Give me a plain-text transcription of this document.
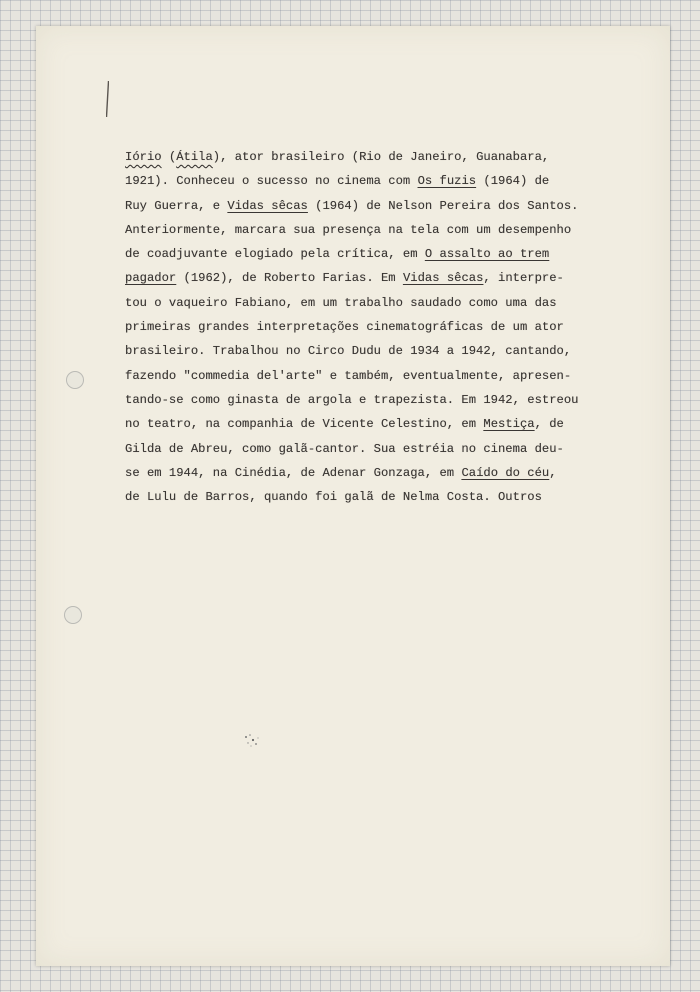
Iório (Átila), ator brasileiro (Rio de Janeiro, Guanabara,
1921). Conheceu o sucesso no cinema com Os fuzis (1964) de
Ruy Guerra, e Vidas sêcas (1964) de Nelson Pereira dos Santos.
Anteriormente, marcara sua presença na tela com um desempenho
de coadjuvante elogiado pela crítica, em O assalto ao trem
pagador (1962), de Roberto Farias. Em Vidas sêcas, interpre-
tou o vaqueiro Fabiano, em um trabalho saudado como uma das
primeiras grandes interpretações cinematográficas de um ator
brasileiro. Trabalhou no Circo Dudu de 1934 a 1942, cantando,
fazendo "commedia del'arte" e também, eventualmente, apresen-
tando-se como ginasta de argola e trapezista. Em 1942, estreou
no teatro, na companhia de Vicente Celestino, em Mestiça, de
Gilda de Abreu, como galã-cantor. Sua estréia no cinema deu-
se em 1944, na Cinédia, de Adenar Gonzaga, em Caído do céu,
de Lulu de Barros, quando foi galã de Nelma Costa. Outros
